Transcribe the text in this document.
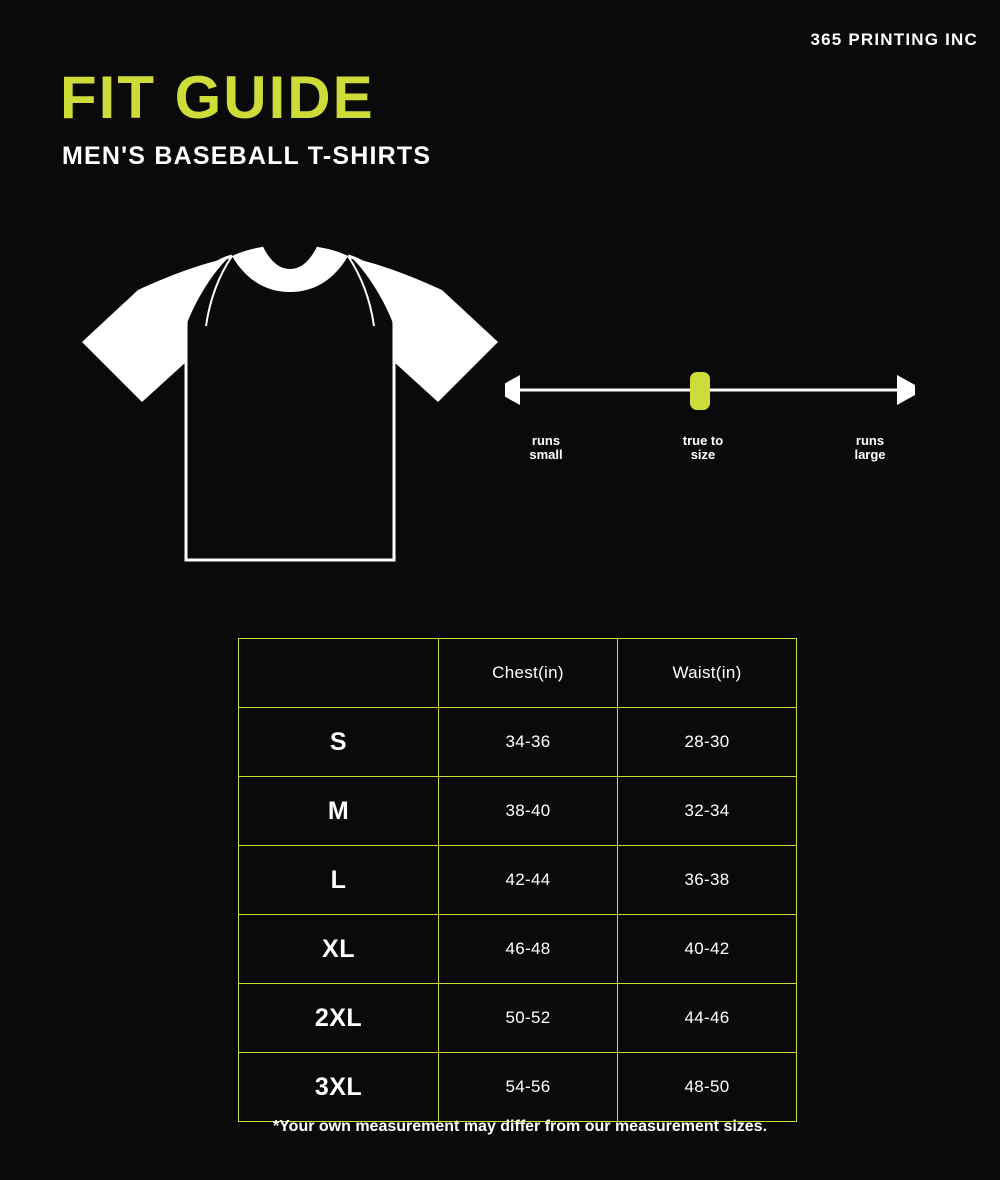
365 PRINTING INC
FIT GUIDE
MEN'S BASEBALL T-SHIRTS
runs
small
true to
size
runs
large
	Chest(in)	Waist(in)
S	34-36	28-30
M	38-40	32-34
L	42-44	36-38
XL	46-48	40-42
2XL	50-52	44-46
3XL	54-56	48-50
*Your own measurement may differ from our measurement sizes.
